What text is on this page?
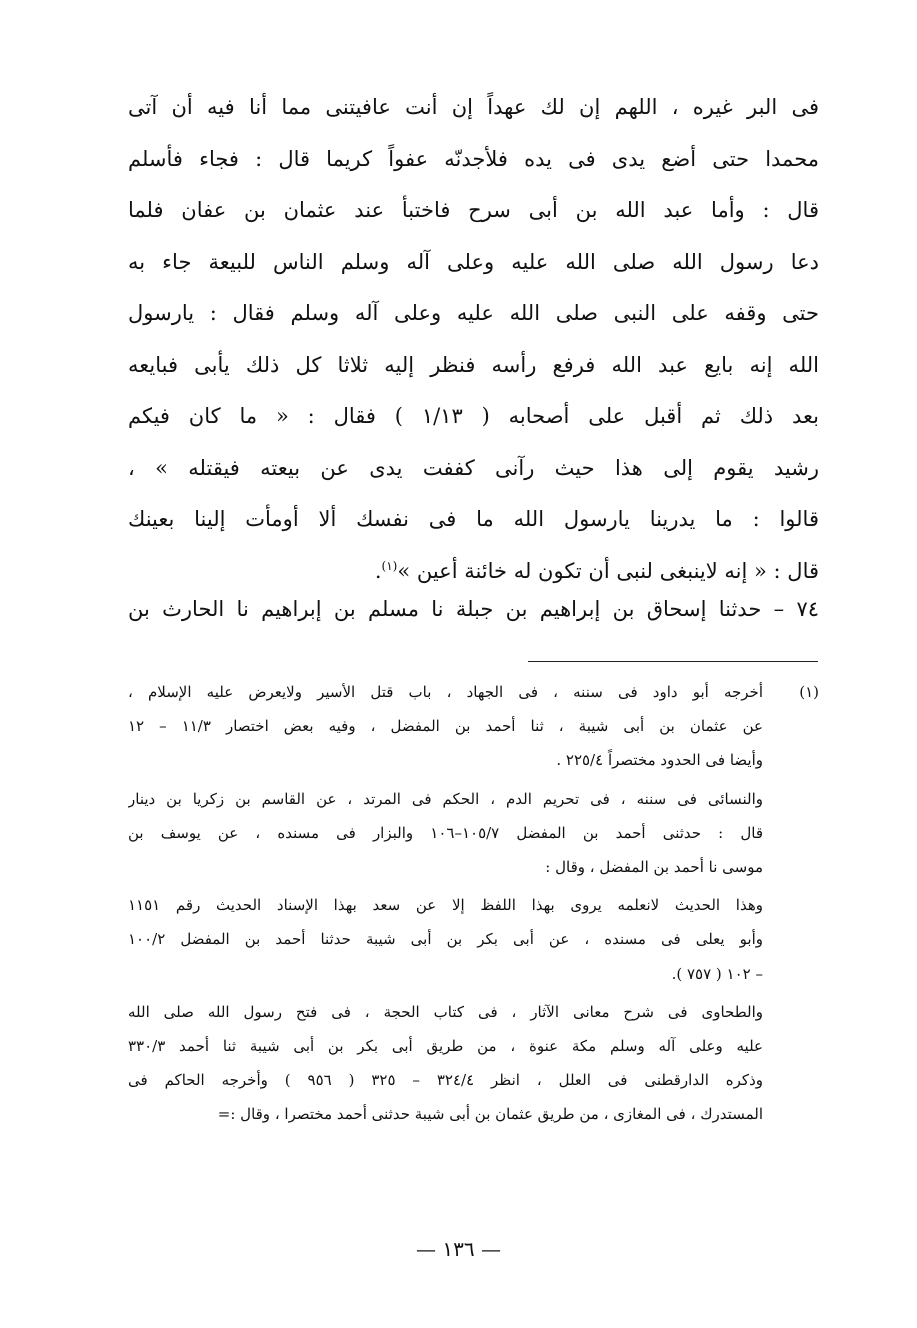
فى البر غيره ، اللهم إن لك عهداً إن أنت عافيتنى مما أنا فيه أن آتى
محمدا حتى أضع يدى فى يده فلأجدنّه عفواً كريما قال : فجاء فأسلم
قال : وأما عبد الله بن أبى سرح فاختبأ عند عثمان بن عفان فلما
دعا رسول الله صلى الله عليه وعلى آله وسلم الناس للبيعة جاء به
حتى وقفه على النبى صلى الله عليه وعلى آله وسلم فقال : يارسول
الله إنه بايع عبد الله فرفع رأسه فنظر إليه ثلاثا كل ذلك يأبى فبايعه
بعد ذلك ثم أقبل على أصحابه ( ١/١٣ ) فقال : « ما كان فيكم
رشيد يقوم إلى هذا حيث رآنى كففت يدى عن بيعته فيقتله » ،
قالوا : ما يدرينا يارسول الله ما فى نفسك ألا أومأت إلينا بعينك
قال : « إنه لاينبغى لنبى أن تكون له خائنة أعين »$^{(١)}$.
٧٤ – حدثنا إسحاق بن إبراهيم بن جبلة نا مسلم بن إبراهيم نا الحارث بن
(١)
أخرجه أبو داود فى سننه ، فى الجهاد ، باب قتل الأسير ولايعرض عليه الإسلام ،
عن عثمان بن أبى شيبة ، ثنا أحمد بن المفضل ، وفيه بعض اختصار ١١/٣ – ١٢
وأيضا فى الحدود مختصراً ٢٢٥/٤ .
والنسائى فى سننه ، فى تحريم الدم ، الحكم فى المرتد ، عن القاسم بن زكريا بن دينار
قال : حدثنى أحمد بن المفضل ١٠٥/٧–١٠٦ والبزار فى مسنده ، عن يوسف بن
موسى نا أحمد بن المفضل ، وقال :
وهذا الحديث لانعلمه يروى بهذا اللفظ إلا عن سعد بهذا الإسناد الحديث رقم ١١٥١
وأبو يعلى فى مسنده ، عن أبى بكر بن أبى شيبة حدثنا أحمد بن المفضل ١٠٠/٢
– ١٠٢ ( ٧٥٧ ).
والطحاوى فى شرح معانى الآثار ، فى كتاب الحجة ، فى فتح رسول الله صلى الله
عليه وعلى آله وسلم مكة عنوة ، من طريق أبى بكر بن أبى شيبة ثنا أحمد ٣٣٠/٣
وذكره الدارقطنى فى العلل ، انظر ٣٢٤/٤ – ٣٢٥ ( ٩٥٦ ) وأخرجه الحاكم فى
المستدرك ، فى المغازى ، من طريق عثمان بن أبى شيبة حدثنى أحمد مختصرا ، وقال :=
— ١٣٦ —
